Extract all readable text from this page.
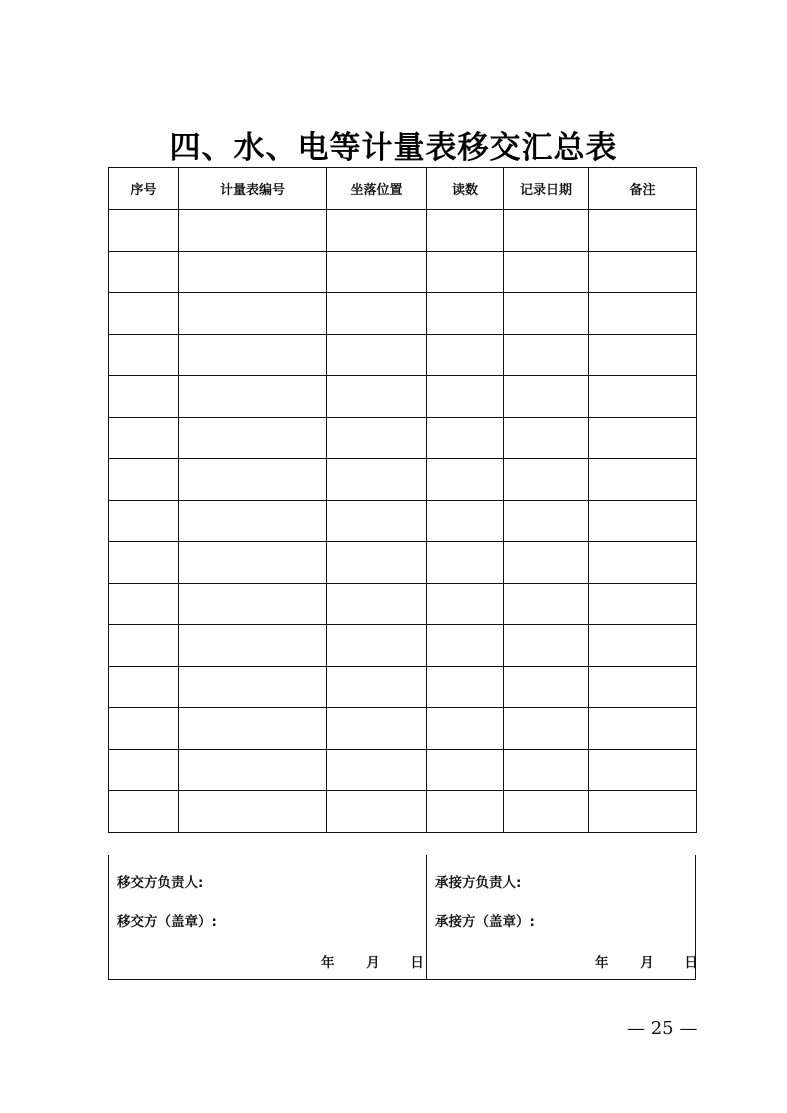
四、水、电等计量表移交汇总表
序号	计量表编号	坐落位置	读数	记录日期	备注

移交方负责人:
移交方（盖章）:
年 月 日
承接方负责人:
承接方（盖章）:
年 月 日
— 25 —
